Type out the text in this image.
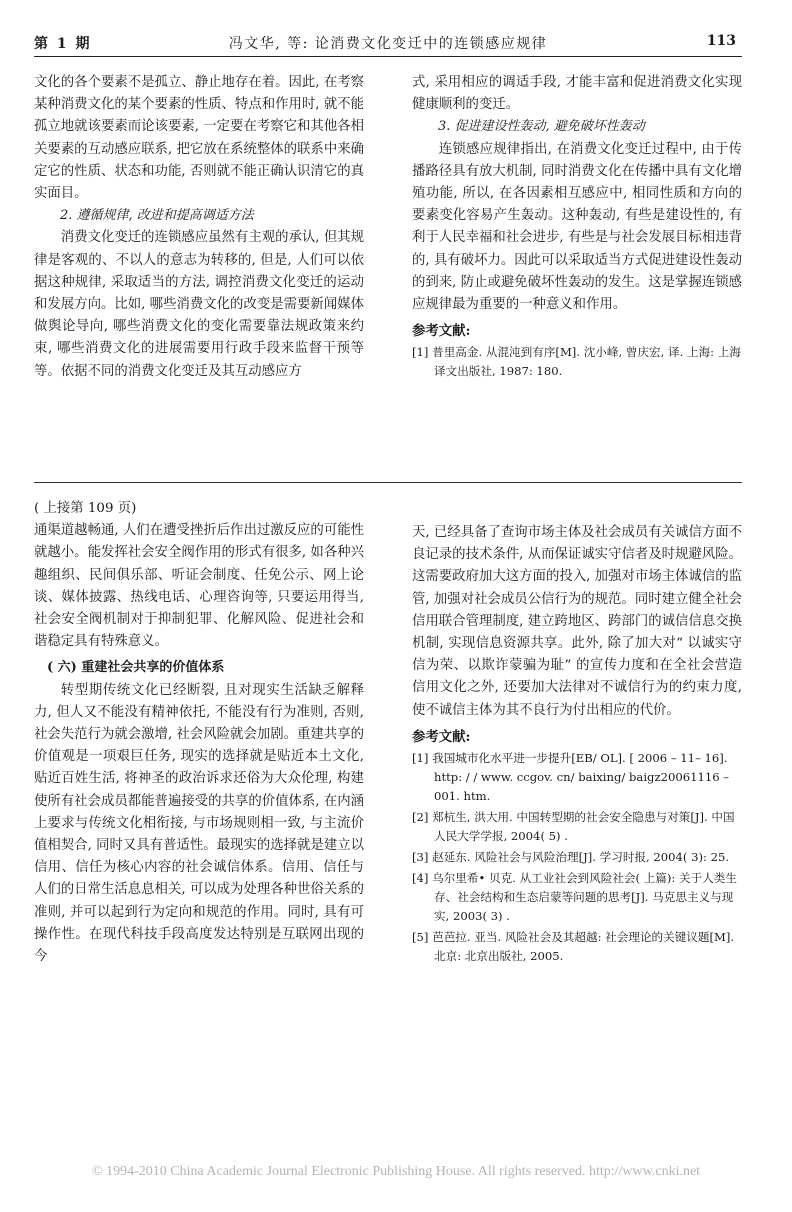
第 1 期	冯文华, 等: 论消费文化变迁中的连锁感应规律	113

文化的各个要素不是孤立、静止地存在着。因此, 在考察某种消费文化的某个要素的性质、特点和作用时, 就不能孤立地就该要素而论该要素, 一定要在考察它和其他各相关要素的互动感应联系, 把它放在系统整体的联系中来确定它的性质、状态和功能, 否则就不能正确认识清它的真实面目。

2. 遵循规律, 改进和提高调适方法

消费文化变迁的连锁感应虽然有主观的承认, 但其规律是客观的、不以人的意志为转移的, 但是, 人们可以依据这种规律, 采取适当的方法, 调控消费文化变迁的运动和发展方向。比如, 哪些消费文化的改变是需要新闻媒体做舆论导向, 哪些消费文化的变化需要靠法规政策来约束, 哪些消费文化的进展需要用行政手段来监督干预等等。依据不同的消费文化变迁及其互动感应方

式, 采用相应的调适手段, 才能丰富和促进消费文化实现健康顺利的变迁。

3. 促进建设性轰动, 避免破坏性轰动

连锁感应规律指出, 在消费文化变迁过程中, 由于传播路径具有放大机制, 同时消费文化在传播中具有文化增殖功能, 所以, 在各因素相互感应中, 相同性质和方向的要素变化容易产生轰动。这种轰动, 有些是建设性的, 有利于人民幸福和社会进步, 有些是与社会发展目标相违背的, 具有破坏力。因此可以采取适当方式促进建设性轰动的到来, 防止或避免破坏性轰动的发生。这是掌握连锁感应规律最为重要的一种意义和作用。

参考文献:
[1] 普里高金. 从混沌到有序[M]. 沈小峰, 曾庆宏, 译. 上海: 上海译文出版社, 1987: 180.

( 上接第 109 页)

通渠道越畅通, 人们在遭受挫折后作出过激反应的可能性就越小。能发挥社会安全阀作用的形式有很多, 如各种兴趣组织、民间俱乐部、听证会制度、任免公示、网上论谈、媒体披露、热线电话、心理咨询等, 只要运用得当, 社会安全阀机制对于抑制犯罪、化解风险、促进社会和谐稳定具有特殊意义。

( 六) 重建社会共享的价值体系

转型期传统文化已经断裂, 且对现实生活缺乏解释力, 但人又不能没有精神依托, 不能没有行为准则, 否则, 社会失范行为就会激增, 社会风险就会加剧。重建共享的价值观是一项艰巨任务, 现实的选择就是贴近本土文化, 贴近百姓生活, 将神圣的政治诉求还俗为大众伦理, 构建使所有社会成员都能普遍接受的共享的价值体系, 在内涵上要求与传统文化相衔接, 与市场规则相一致, 与主流价值相契合, 同时又具有普适性。最现实的选择就是建立以信用、信任为核心内容的社会诚信体系。信用、信任与人们的日常生活息息相关, 可以成为处理各种世俗关系的准则, 并可以起到行为定向和规范的作用。同时, 具有可操作性。在现代科技手段高度发达特别是互联网出现的今

天, 已经具备了查询市场主体及社会成员有关诚信方面不良记录的技术条件, 从而保证诚实守信者及时规避风险。这需要政府加大这方面的投入, 加强对市场主体诚信的监管, 加强对社会成员公信行为的规范。同时建立健全社会信用联合管理制度, 建立跨地区、跨部门的诚信信息交换机制, 实现信息资源共享。此外, 除了加大对“ 以诚实守信为荣、以欺诈蒙骗为耻” 的宣传力度和在全社会营造信用文化之外, 还要加大法律对不诚信行为的约束力度, 使不诚信主体为其不良行为付出相应的代价。

参考文献:
[1] 我国城市化水平进一步提升[EB/ OL]. [ 2006 – 11– 16]. http: / / www. ccgov. cn/ baixing/ baigz20061116 – 001. htm.
[2] 郑杭生, 洪大用. 中国转型期的社会安全隐患与对策[J]. 中国人民大学学报, 2004( 5) .
[3] 赵延东. 风险社会与风险治理[J]. 学习时报, 2004( 3): 25.
[4] 乌尔里希• 贝克. 从工业社会到风险社会( 上篇): 关于人类生存、社会结构和生态启蒙等问题的思考[J]. 马克思主义与现实, 2003( 3) .
[5] 芭芭拉. 亚当. 风险社会及其超越: 社会理论的关键议题[M]. 北京: 北京出版社, 2005.
© 1994-2010 China Academic Journal Electronic Publishing House. All rights reserved. http://www.cnki.net
